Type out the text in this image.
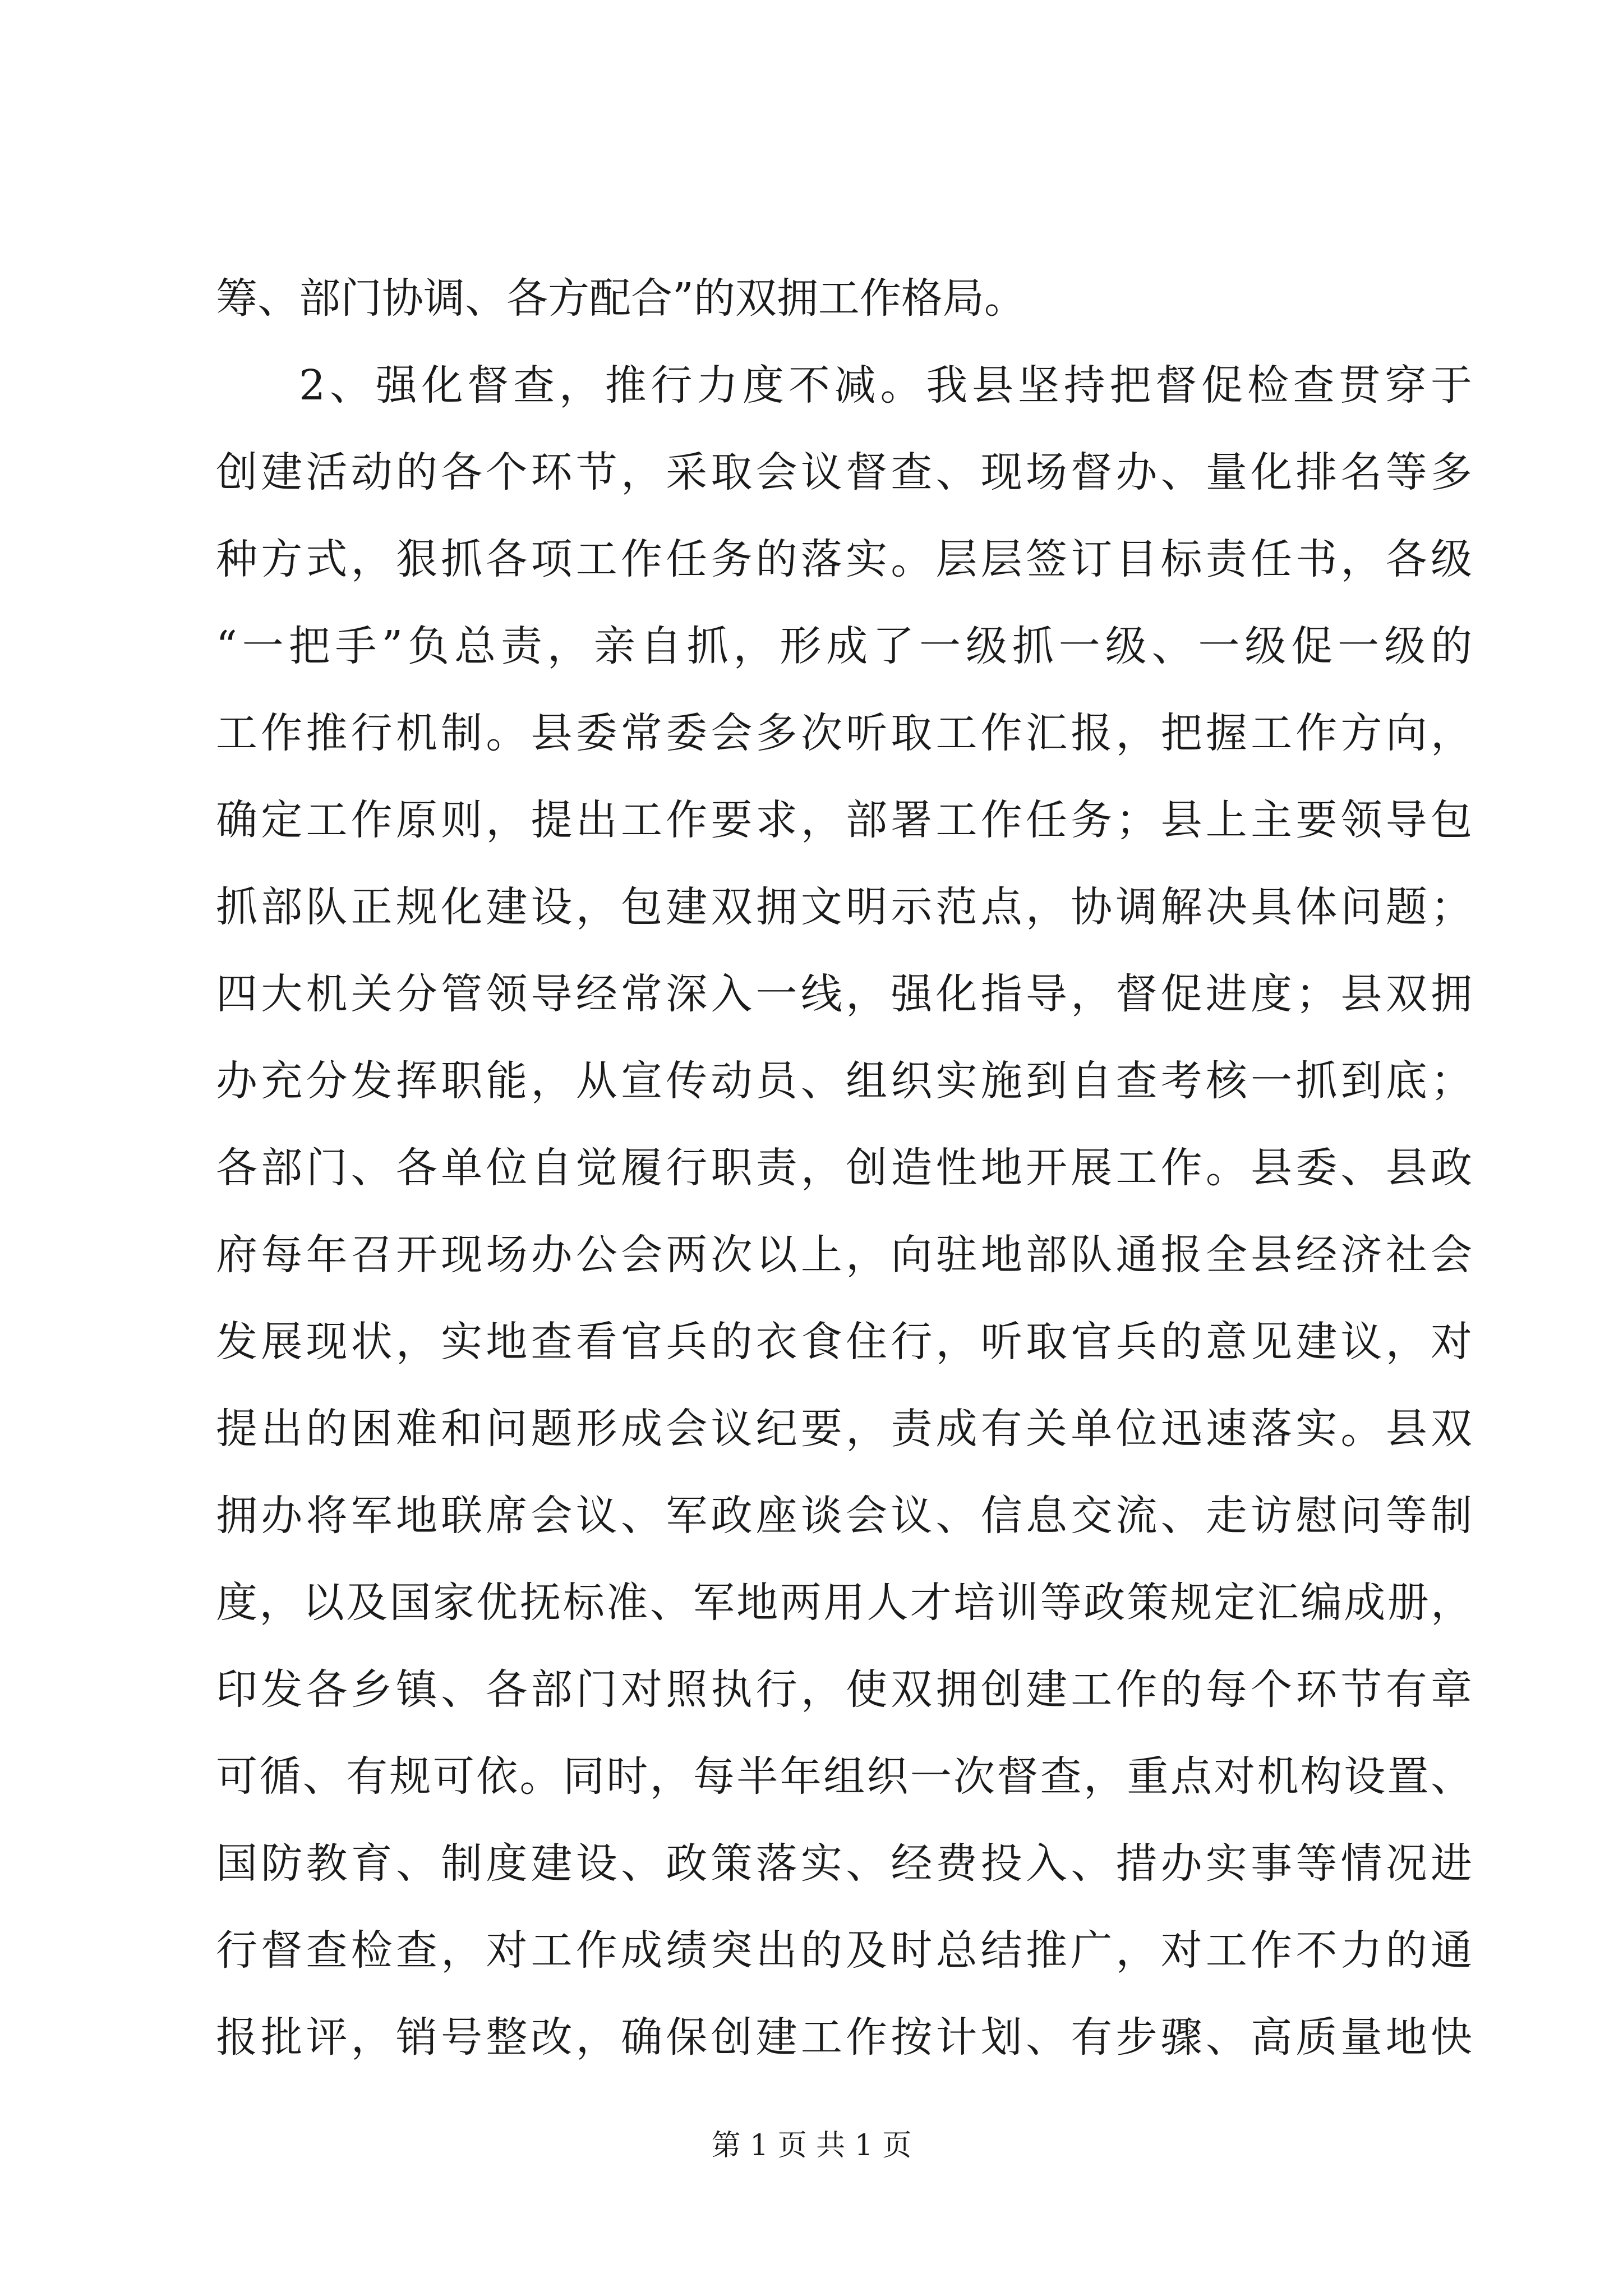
筹、部门协调、各方配合”的双拥工作格局。
2、强化督查，推行力度不减。我县坚持把督促检查贯穿于
创建活动的各个环节，采取会议督查、现场督办、量化排名等多
种方式，狠抓各项工作任务的落实。层层签订目标责任书，各级
“一把手”负总责，亲自抓，形成了一级抓一级、一级促一级的
工作推行机制。县委常委会多次听取工作汇报，把握工作方向，
确定工作原则，提出工作要求，部署工作任务；县上主要领导包
抓部队正规化建设，包建双拥文明示范点，协调解决具体问题；
四大机关分管领导经常深入一线，强化指导，督促进度；县双拥
办充分发挥职能，从宣传动员、组织实施到自查考核一抓到底；
各部门、各单位自觉履行职责，创造性地开展工作。县委、县政
府每年召开现场办公会两次以上，向驻地部队通报全县经济社会
发展现状，实地查看官兵的衣食住行，听取官兵的意见建议，对
提出的困难和问题形成会议纪要，责成有关单位迅速落实。县双
拥办将军地联席会议、军政座谈会议、信息交流、走访慰问等制
度，以及国家优抚标准、军地两用人才培训等政策规定汇编成册，
印发各乡镇、各部门对照执行，使双拥创建工作的每个环节有章
可循、有规可依。同时，每半年组织一次督查，重点对机构设置、
国防教育、制度建设、政策落实、经费投入、措办实事等情况进
行督查检查，对工作成绩突出的及时总结推广，对工作不力的通
报批评，销号整改，确保创建工作按计划、有步骤、高质量地快
第 1 页 共 1 页
